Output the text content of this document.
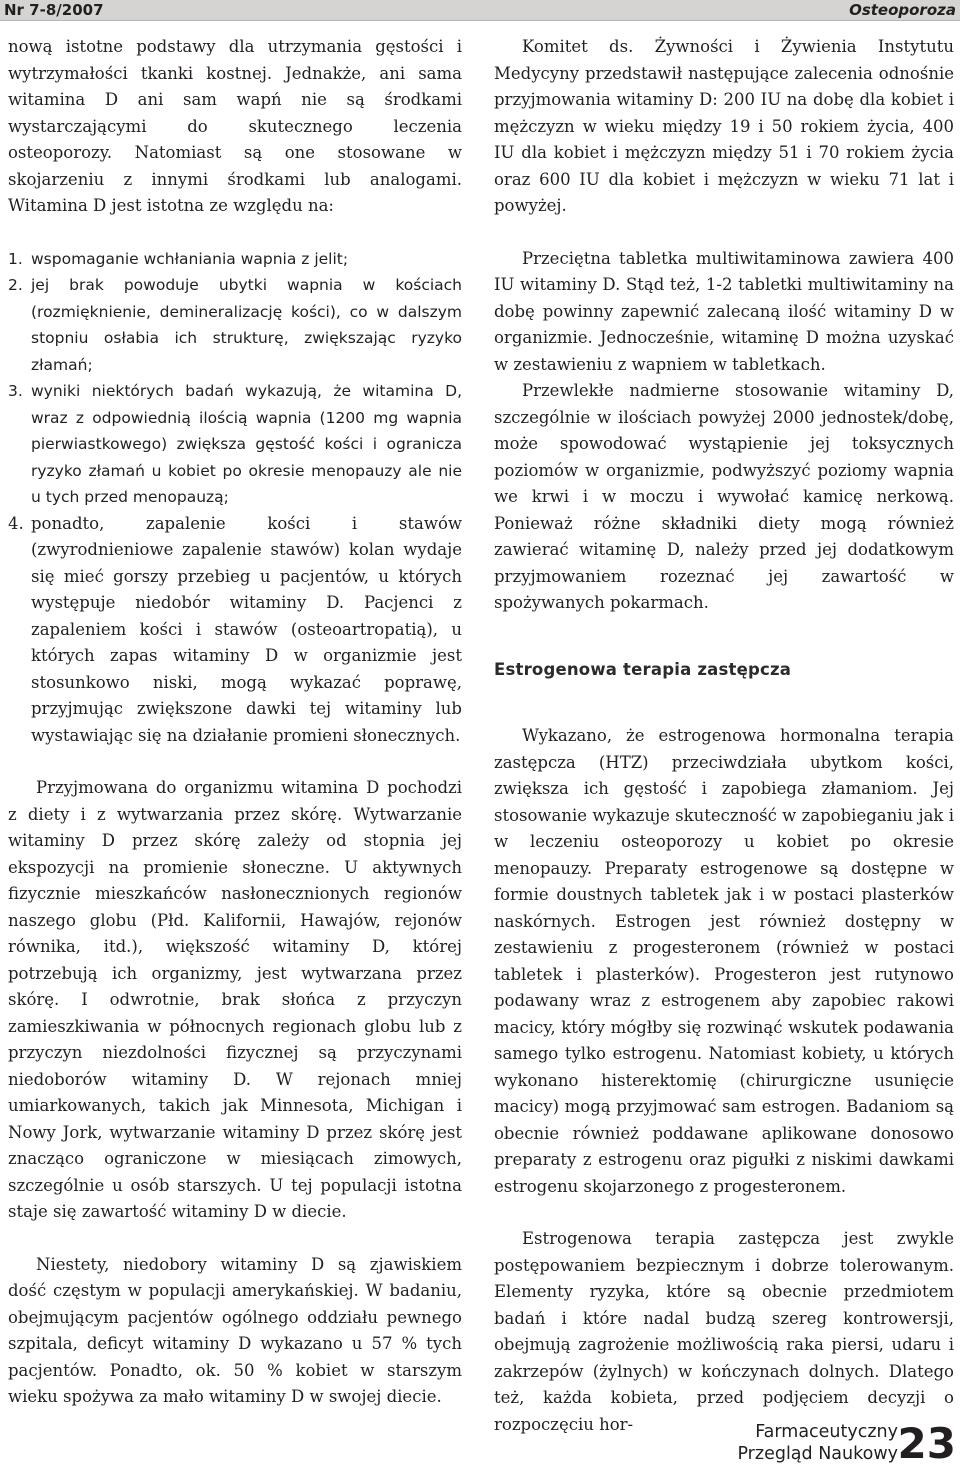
Nr 7-8/2007	Osteoporoza

nową istotne podstawy dla utrzymania gęstości i wytrzymałości tkanki kostnej. Jednakże, ani sama witamina D ani sam wapń nie są środkami wystarczającymi do skutecznego leczenia osteoporozy. Natomiast są one stosowane w skojarzeniu z innymi środkami lub analogami. Witamina D jest istotna ze względu na:

1. wspomaganie wchłaniania wapnia z jelit;
2. jej brak powoduje ubytki wapnia w kościach (rozmięknienie, demineralizację kości), co w dalszym stopniu osłabia ich strukturę, zwiększając ryzyko złamań;
3. wyniki niektórych badań wykazują, że witamina D, wraz z odpowiednią ilością wapnia (1200 mg wapnia pierwiastkowego) zwiększa gęstość kości i ogranicza ryzyko złamań u kobiet po okresie menopauzy ale nie u tych przed menopauzą;
4. ponadto, zapalenie kości i stawów (zwyrodnieniowe zapalenie stawów) kolan wydaje się mieć gorszy przebieg u pacjentów, u których występuje niedobór witaminy D. Pacjenci z zapaleniem kości i stawów (osteoartropatią), u których zapas witaminy D w organizmie jest stosunkowo niski, mogą wykazać poprawę, przyjmując zwiększone dawki tej witaminy lub wystawiając się na działanie promieni słonecznych.

Przyjmowana do organizmu witamina D pochodzi z diety i z wytwarzania przez skórę. Wytwarzanie witaminy D przez skórę zależy od stopnia jej ekspozycji na promienie słoneczne. U aktywnych fizycznie mieszkańców nasłonecznionych regionów naszego globu (Płd. Kalifornii, Hawajów, rejonów równika, itd.), większość witaminy D, której potrzebują ich organizmy, jest wytwarzana przez skórę. I odwrotnie, brak słońca z przyczyn zamieszkiwania w północnych regionach globu lub z przyczyn niezdolności fizycznej są przyczynami niedoborów witaminy D. W rejonach mniej umiarkowanych, takich jak Minnesota, Michigan i Nowy Jork, wytwarzanie witaminy D przez skórę jest znacząco ograniczone w miesiącach zimowych, szczególnie u osób starszych. U tej populacji istotna staje się zawartość witaminy D w diecie.

Niestety, niedobory witaminy D są zjawiskiem dość częstym w populacji amerykańskiej. W badaniu, obejmującym pacjentów ogólnego oddziału pewnego szpitala, deficyt witaminy D wykazano u 57 % tych pacjentów. Ponadto, ok. 50 % kobiet w starszym wieku spożywa za mało witaminy D w swojej diecie.

Komitet ds. Żywności i Żywienia Instytutu Medycyny przedstawił następujące zalecenia odnośnie przyjmowania witaminy D: 200 IU na dobę dla kobiet i mężczyzn w wieku między 19 i 50 rokiem życia, 400 IU dla kobiet i mężczyzn między 51 i 70 rokiem życia oraz 600 IU dla kobiet i mężczyzn w wieku 71 lat i powyżej.

Przeciętna tabletka multiwitaminowa zawiera 400 IU witaminy D. Stąd też, 1-2 tabletki multiwitaminy na dobę powinny zapewnić zalecaną ilość witaminy D w organizmie. Jednocześnie, witaminę D można uzyskać w zestawieniu z wapniem w tabletkach.

Przewlekłe nadmierne stosowanie witaminy D, szczególnie w ilościach powyżej 2000 jednostek/dobę, może spowodować wystąpienie jej toksycznych poziomów w organizmie, podwyższyć poziomy wapnia we krwi i w moczu i wywołać kamicę nerkową. Ponieważ różne składniki diety mogą również zawierać witaminę D, należy przed jej dodatkowym przyjmowaniem rozeznać jej zawartość w spożywanych pokarmach.

Estrogenowa terapia zastępcza

Wykazano, że estrogenowa hormonalna terapia zastępcza (HTZ) przeciwdziała ubytkom kości, zwiększa ich gęstość i zapobiega złamaniom. Jej stosowanie wykazuje skuteczność w zapobieganiu jak i w leczeniu osteoporozy u kobiet po okresie menopauzy. Preparaty estrogenowe są dostępne w formie doustnych tabletek jak i w postaci plasterków naskórnych. Estrogen jest również dostępny w zestawieniu z progesteronem (również w postaci tabletek i plasterków). Progesteron jest rutynowo podawany wraz z estrogenem aby zapobiec rakowi macicy, który mógłby się rozwinąć wskutek podawania samego tylko estrogenu. Natomiast kobiety, u których wykonano histerektomię (chirurgiczne usunięcie macicy) mogą przyjmować sam estrogen. Badaniom są obecnie również poddawane aplikowane donosowo preparaty z estrogenu oraz pigułki z niskimi dawkami estrogenu skojarzonego z progesteronem.

Estrogenowa terapia zastępcza jest zwykle postępowaniem bezpiecznym i dobrze tolerowanym. Elementy ryzyka, które są obecnie przedmiotem badań i które nadal budzą szereg kontrowersji, obejmują zagrożenie możliwością raka piersi, udaru i zakrzepów (żylnych) w kończynach dolnych. Dlatego też, każda kobieta, przed podjęciem decyzji o rozpoczęciu hor-	Farmaceutyczny
Przegląd Naukowy 23
